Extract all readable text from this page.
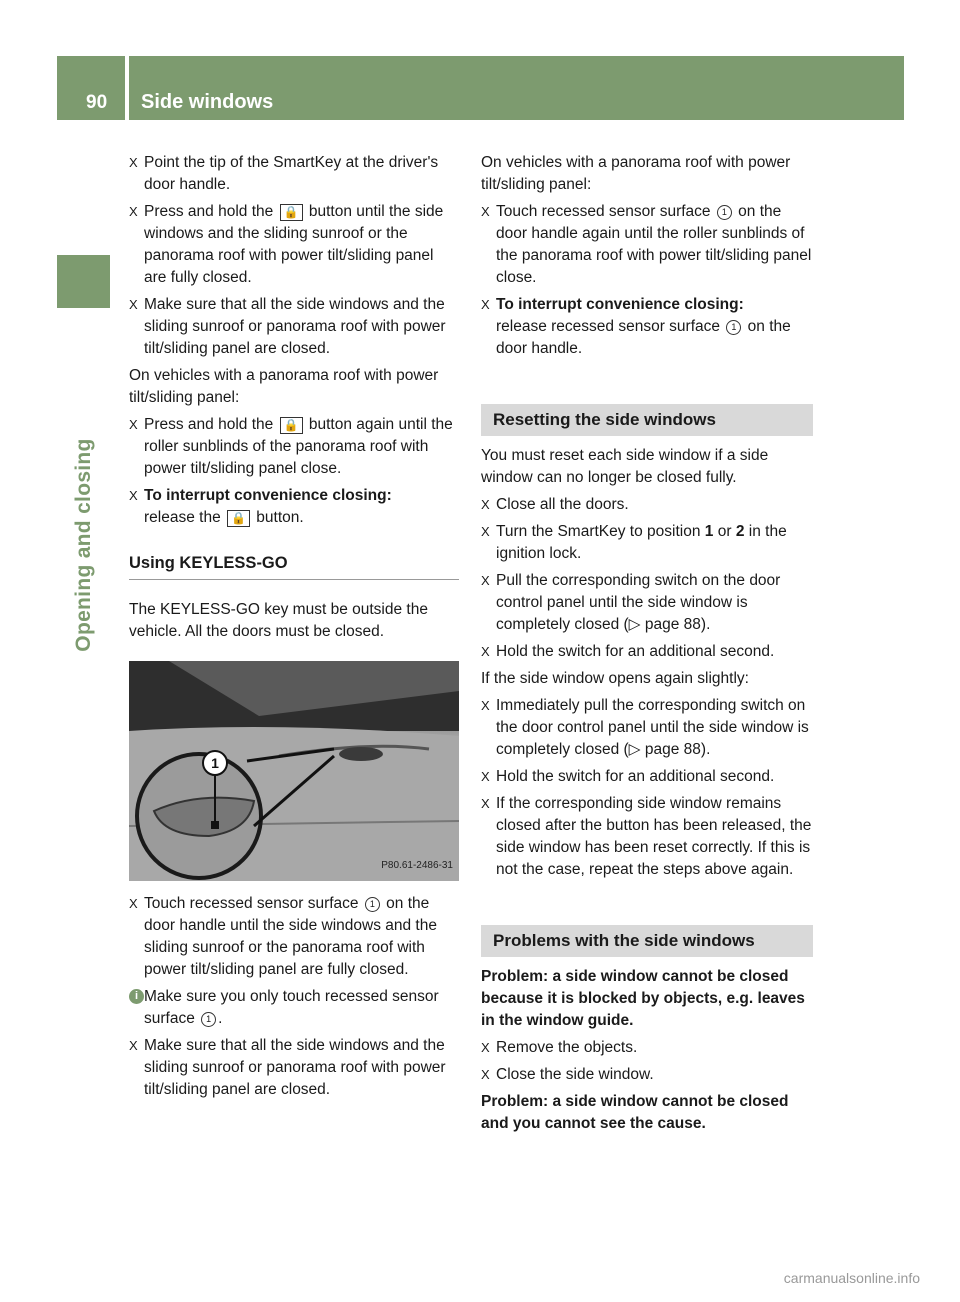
90 Side windows
Opening and closing
X Point the tip of the SmartKey at the driver's door handle.
X Press and hold the 🔒 button until the side windows and the sliding sunroof or the panorama roof with power tilt/sliding panel are fully closed.
X Make sure that all the side windows and the sliding sunroof or panorama roof with power tilt/sliding panel are closed.

On vehicles with a panorama roof with power tilt/sliding panel:

X Press and hold the 🔒 button again until the roller sunblinds of the panorama roof with power tilt/sliding panel close.
X To interrupt convenience closing:
release the 🔒 button.
Using KEYLESS-GO

The KEYLESS-GO key must be outside the vehicle. All the doors must be closed.

1
P80.61-2486-31
X Touch recessed sensor surface 1 on the door handle until the side windows and the sliding sunroof or the panorama roof with power tilt/sliding panel are fully closed.
i Make sure you only touch recessed sensor surface 1 .
X Make sure that all the side windows and the sliding sunroof or panorama roof with power tilt/sliding panel are closed.

On vehicles with a panorama roof with power tilt/sliding panel:

X Touch recessed sensor surface 1 on the door handle again until the roller sunblinds of the panorama roof with power tilt/sliding panel close.
X To interrupt convenience closing:
release recessed sensor surface 1 on the door handle.
Resetting the side windows

You must reset each side window if a side window can no longer be closed fully.

X Close all the doors.
X Turn the SmartKey to position 1 or 2 in the ignition lock.
X Pull the corresponding switch on the door control panel until the side window is completely closed (▷ page 88).
X Hold the switch for an additional second.

If the side window opens again slightly:

X Immediately pull the corresponding switch on the door control panel until the side window is completely closed (▷ page 88).
X Hold the switch for an additional second.
X If the corresponding side window remains closed after the button has been released, the side window has been reset correctly. If this is not the case, repeat the steps above again.
Problems with the side windows

Problem: a side window cannot be closed because it is blocked by objects, e.g. leaves in the window guide.

X Remove the objects.
X Close the side window.

Problem: a side window cannot be closed and you cannot see the cause.

carmanualsonline.info
